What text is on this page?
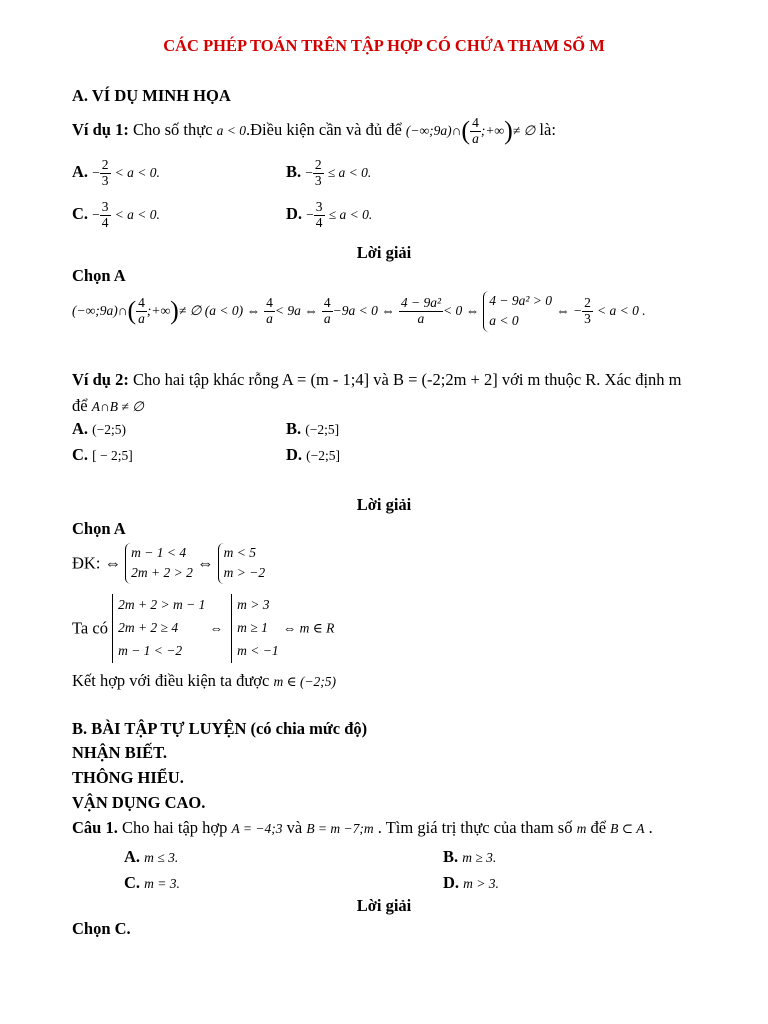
CÁC PHÉP TOÁN TRÊN TẬP HỢP CÓ CHỨA THAM SỐ M
A. VÍ DỤ MINH HỌA
Ví dụ 1: Cho số thực a < 0.Điều kiện cần và đủ để (−∞;9a)∩( $\frac{4}{a}$ ;+∞)≠ ∅ là:
A. − $\frac{2}{3} < a < 0$.	B. − $\frac{2}{3} \le a < 0$.
C. − $\frac{3}{4} < a < 0$.	D. − $\frac{3}{4} \le a < 0$.
Lời giải
Chọn A
(−∞;9a)∩( $\frac{4}{a}$ ;+∞)≠ ∅ (a < 0) ⇔ $\frac{4}{a} < 9a$ ⇔ $\frac{4}{a} -9a < 0$ ⇔ $\frac{\text{4 − 9a²}}{a} < 0$ ⇔
4 − 9a² > 0
a < 0
⇔ − $\frac{2}{3} < a < 0$ .
Ví dụ 2: Cho hai tập khác rỗng A = (m - 1;4] và B = (-2;2m + 2] với m thuộc R. Xác định m
để A∩B ≠ ∅
A. (−2;5)	B. (−2;5]
C. [ − 2;5]	D. (−2;5]
Lời giải
Chọn A
ĐK: ⇔
m − 1 < 4
2m + 2 > 2
⇔
m < 5
m > −2
Ta có
2m + 2 > m − 1
2m + 2 ≥ 4
m − 1 < −2
⇔
m > 3
m ≥ 1
m < −1
⇔ m ∈ R
Kết hợp với điều kiện ta được m ∈ (−2;5)
B. BÀI TẬP TỰ LUYỆN (có chia mức độ)
NHẬN BIẾT.
THÔNG HIỂU.
VẬN DỤNG CAO.
Câu 1. Cho hai tập hợp A = −4;3 và B = m −7;m . Tìm giá trị thực của tham số m để B ⊂ A .
A. m ≤ 3.	B. m ≥ 3.
C. m = 3.	D. m > 3.
Lời giải
Chọn C.
